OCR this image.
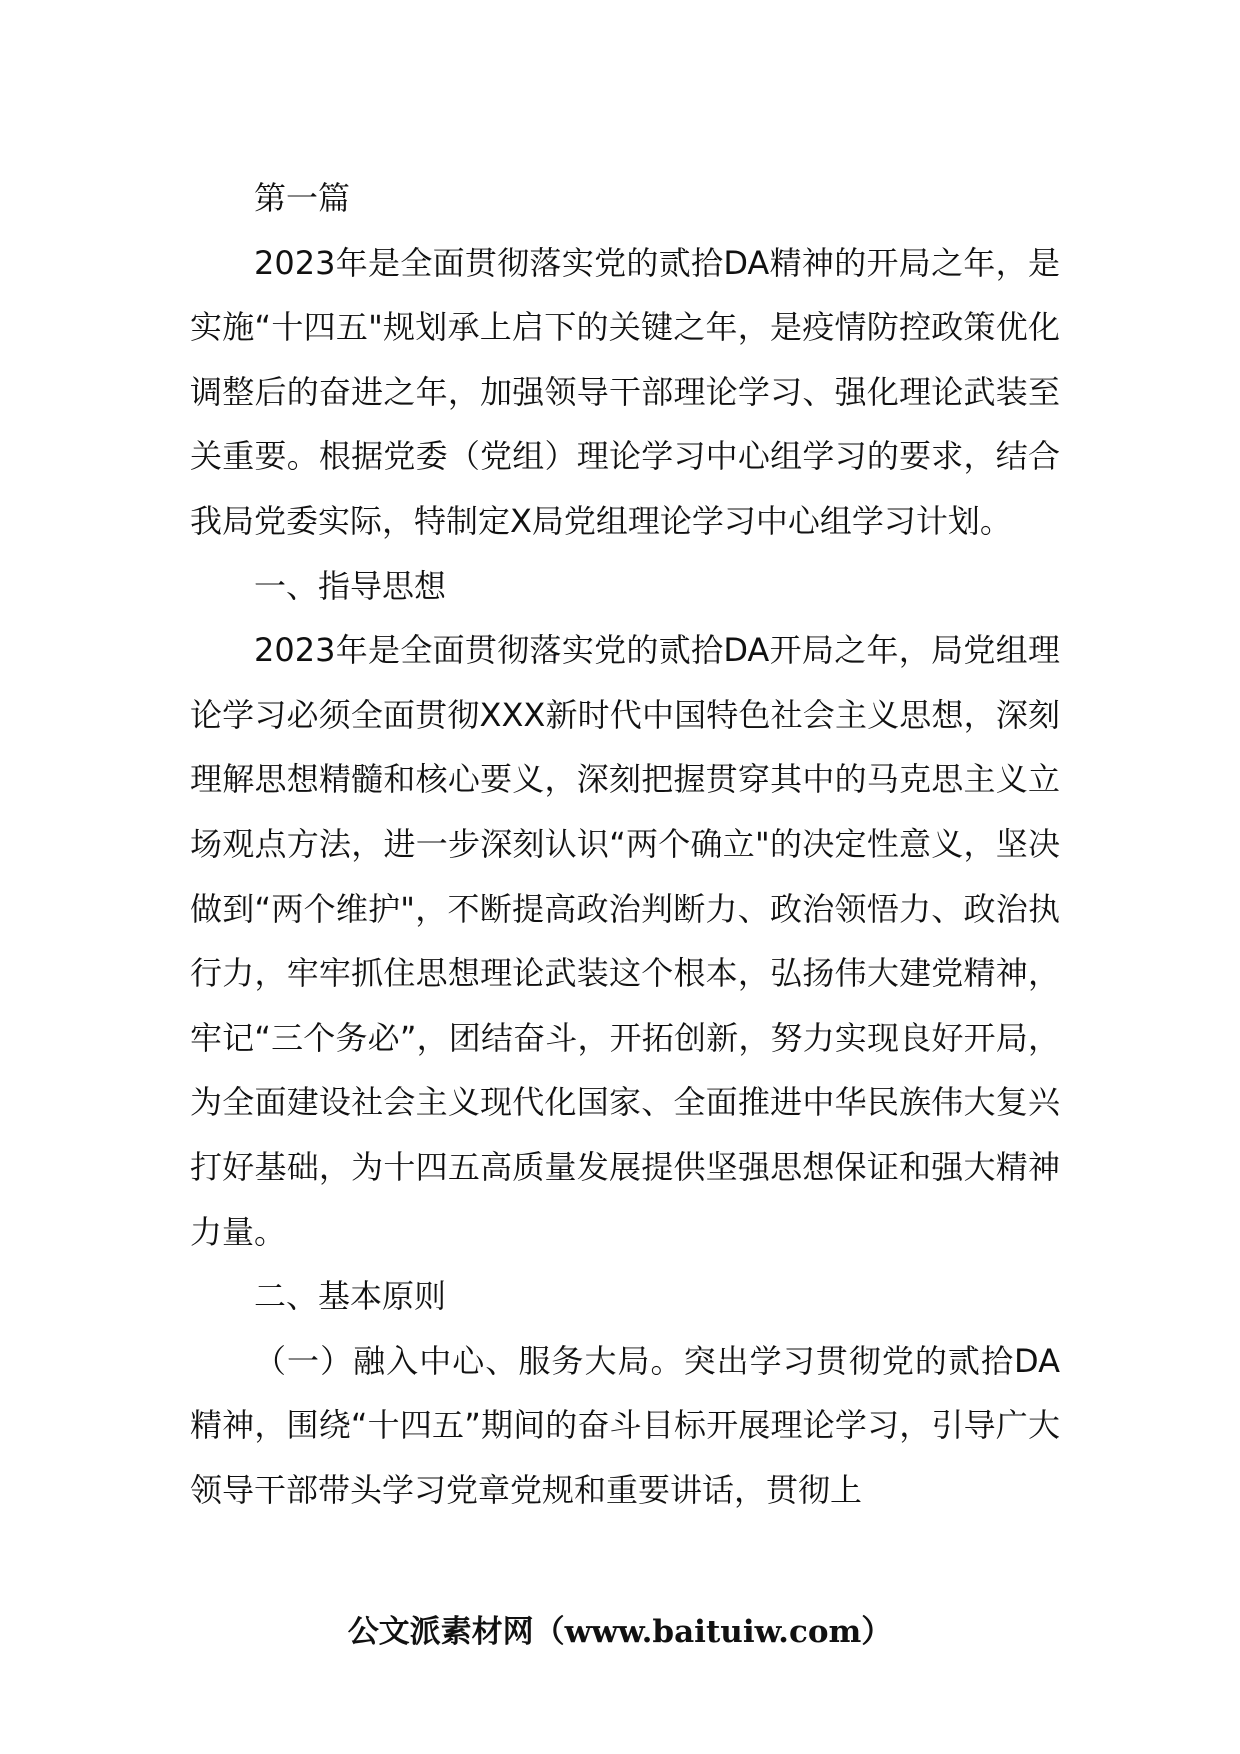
第一篇

2023年是全面贯彻落实党的贰拾DA精神的开局之年，是实施“十四五"规划承上启下的关键之年，是疫情防控政策优化调整后的奋进之年，加强领导干部理论学习、强化理论武装至关重要。根据党委（党组）理论学习中心组学习的要求，结合我局党委实际，特制定X局党组理论学习中心组学习计划。

一、指导思想

2023年是全面贯彻落实党的贰拾DA开局之年，局党组理论学习必须全面贯彻XXX新时代中国特色社会主义思想，深刻理解思想精髓和核心要义，深刻把握贯穿其中的马克思主义立场观点方法，进一步深刻认识“两个确立"的决定性意义，坚决做到“两个维护"，不断提高政治判断力、政治领悟力、政治执行力，牢牢抓住思想理论武装这个根本，弘扬伟大建党精神，牢记“三个务必”，团结奋斗，开拓创新，努力实现良好开局，为全面建设社会主义现代化国家、全面推进中华民族伟大复兴打好基础，为十四五高质量发展提供坚强思想保证和强大精神力量。

二、基本原则

（一）融入中心、服务大局。突出学习贯彻党的贰拾DA精神，围绕“十四五”期间的奋斗目标开展理论学习，引导广大领导干部带头学习党章党规和重要讲话，贯彻上

公文派素材网（www.baituiw.com）
